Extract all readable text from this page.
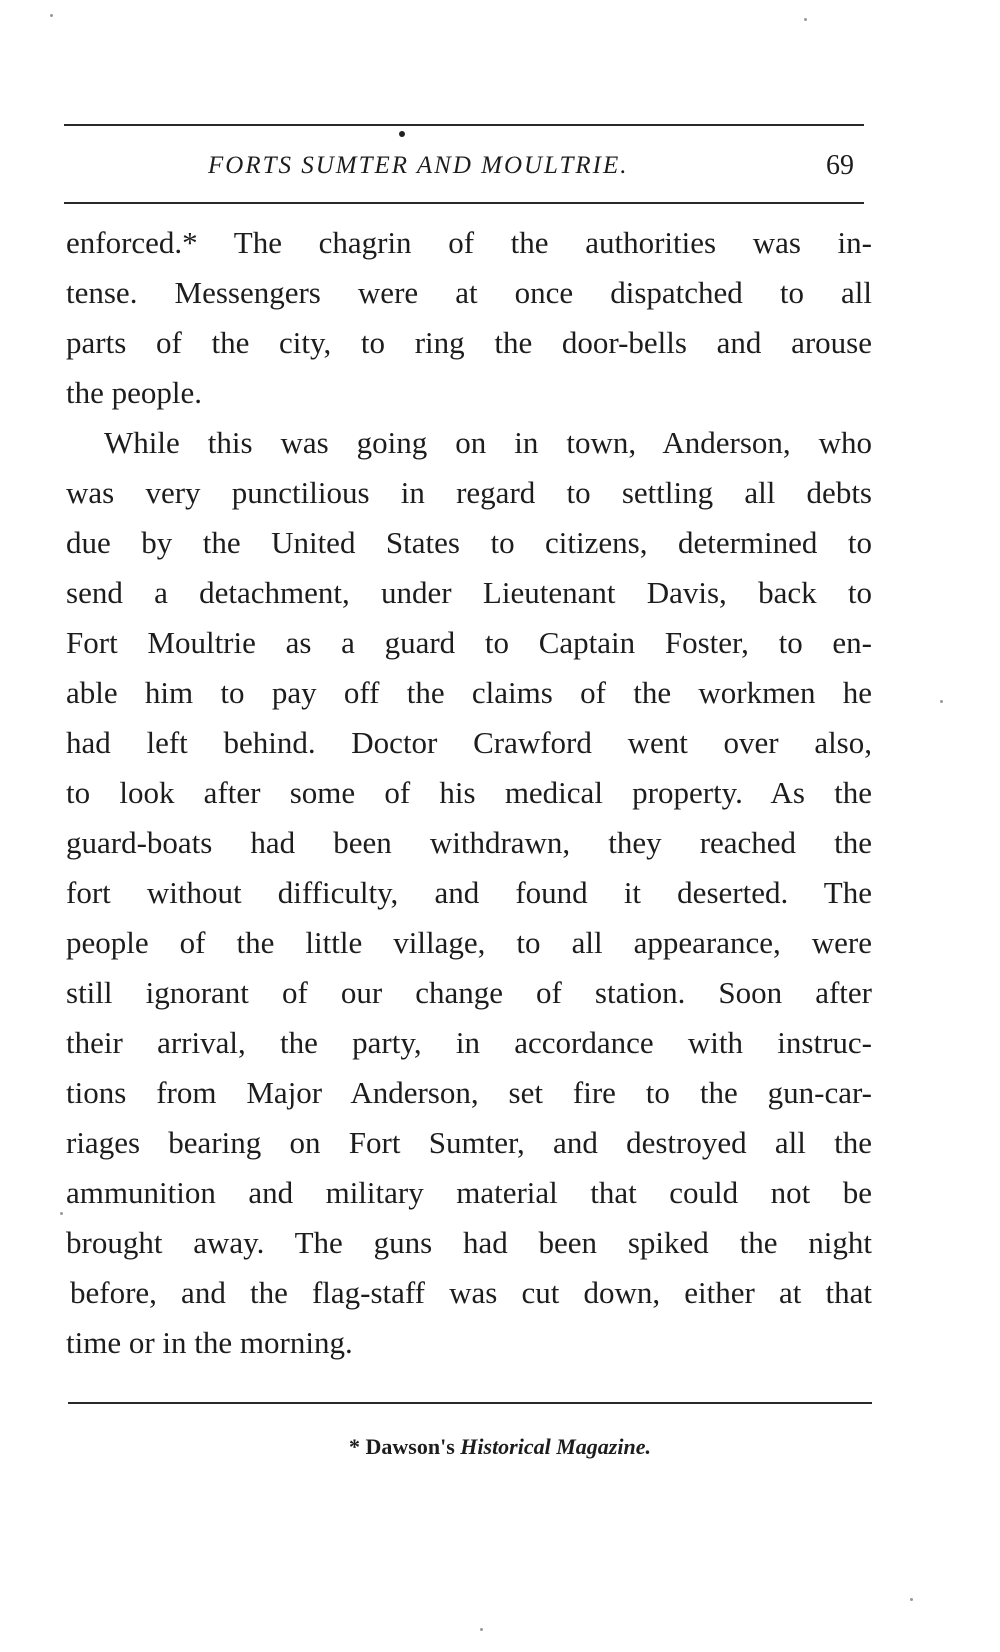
FORTS SUMTER AND MOULTRIE.	69
enforced.* The chagrin of the authorities was in-
tense. Messengers were at once dispatched to all
parts of the city, to ring the door-bells and arouse
the people.
While this was going on in town, Anderson, who
was very punctilious in regard to settling all debts
due by the United States to citizens, determined to
send a detachment, under Lieutenant Davis, back to
Fort Moultrie as a guard to Captain Foster, to en-
able him to pay off the claims of the workmen he
had left behind. Doctor Crawford went over also,
to look after some of his medical property. As the
guard-boats had been withdrawn, they reached the
fort without difficulty, and found it deserted. The
people of the little village, to all appearance, were
still ignorant of our change of station. Soon after
their arrival, the party, in accordance with instruc-
tions from Major Anderson, set fire to the gun-car-
riages bearing on Fort Sumter, and destroyed all the
ammunition and military material that could not be
brought away. The guns had been spiked the night
before, and the flag-staff was cut down, either at that
time or in the morning.
* Dawson's Historical Magazine.
